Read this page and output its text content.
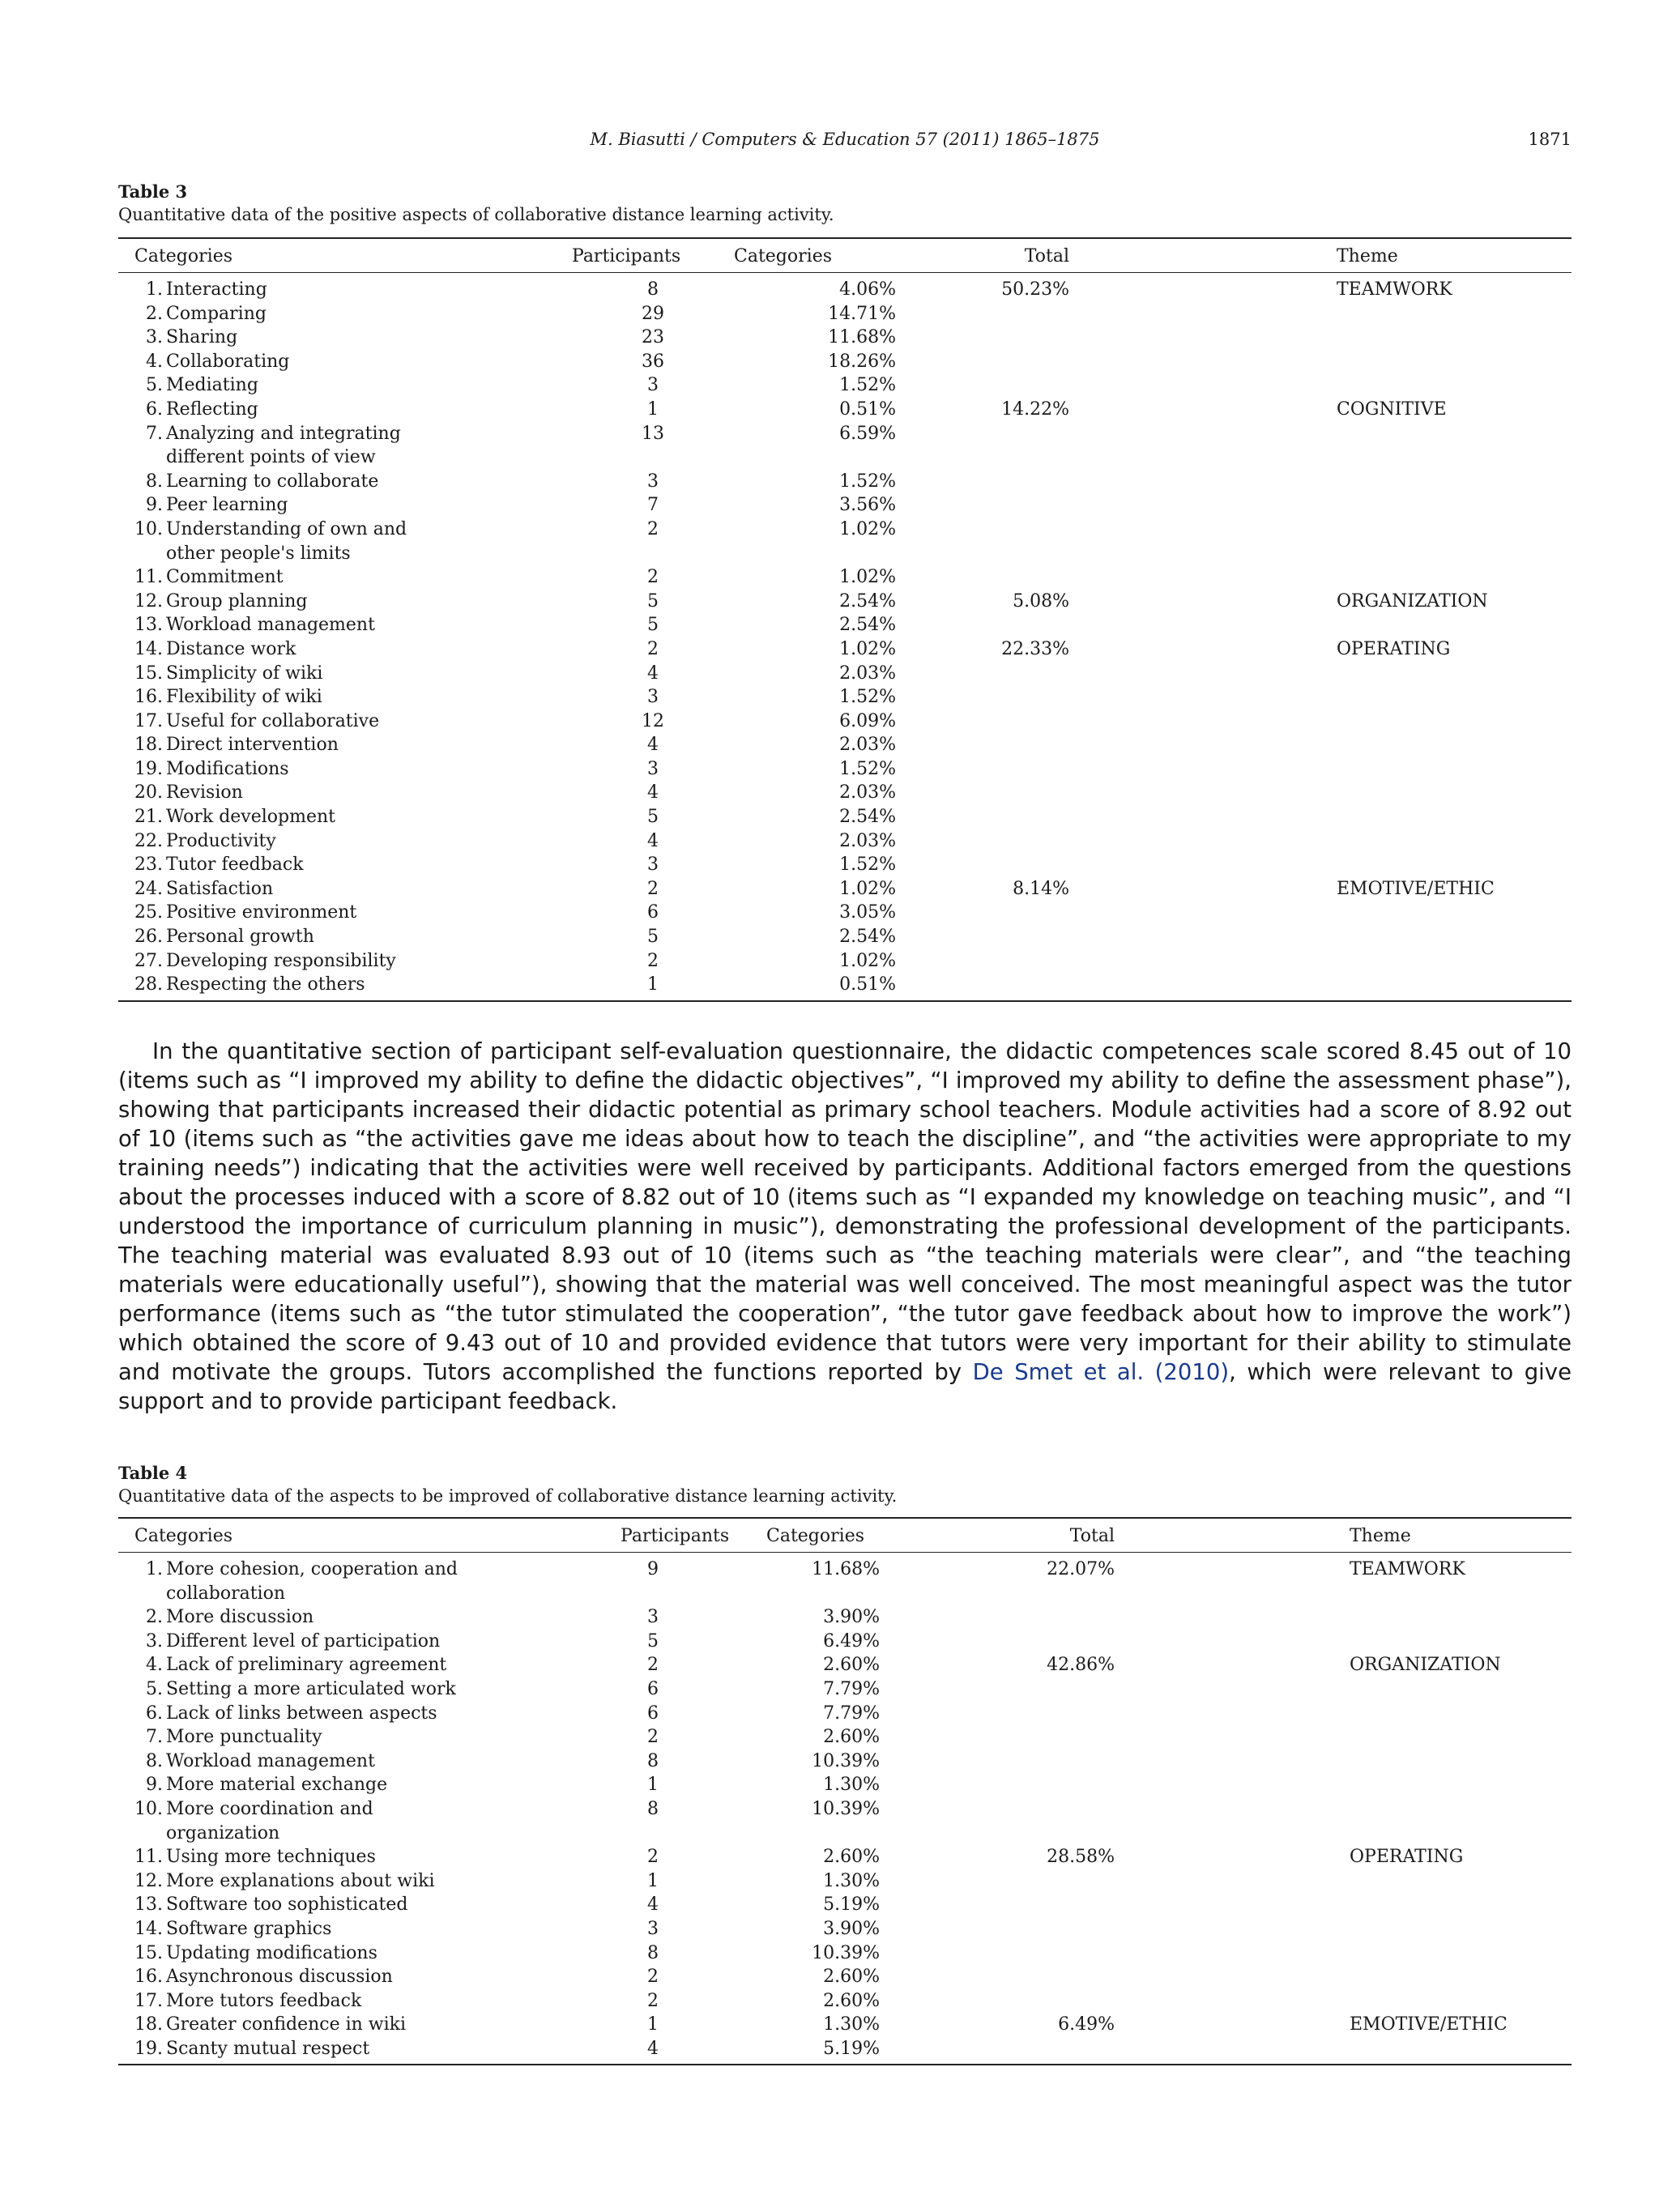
M. Biasutti / Computers & Education 57 (2011) 1865–1875	1871
Table 3
Quantitative data of the positive aspects of collaborative distance learning activity.
Categories	Participants	Categories	Total	Theme
1. Interacting	8	4.06%	50.23%	TEAMWORK
2. Comparing	29	14.71%		
3. Sharing	23	11.68%		
4. Collaborating	36	18.26%		
5. Mediating	3	1.52%		
6. Reflecting	1	0.51%	14.22%	COGNITIVE
7. Analyzing and integrating different points of view	13	6.59%		
8. Learning to collaborate	3	1.52%		
9. Peer learning	7	3.56%		
10. Understanding of own and other people's limits	2	1.02%		
11. Commitment	2	1.02%		
12. Group planning	5	2.54%	5.08%	ORGANIZATION
13. Workload management	5	2.54%		
14. Distance work	2	1.02%	22.33%	OPERATING
15. Simplicity of wiki	4	2.03%		
16. Flexibility of wiki	3	1.52%		
17. Useful for collaborative	12	6.09%		
18. Direct intervention	4	2.03%		
19. Modifications	3	1.52%		
20. Revision	4	2.03%		
21. Work development	5	2.54%		
22. Productivity	4	2.03%		
23. Tutor feedback	3	1.52%		
24. Satisfaction	2	1.02%	8.14%	EMOTIVE/ETHIC
25. Positive environment	6	3.05%		
26. Personal growth	5	2.54%		
27. Developing responsibility	2	1.02%		
28. Respecting the others	1	0.51%		

In the quantitative section of participant self-evaluation questionnaire, the didactic competences scale scored 8.45 out of 10 (items such as “I improved my ability to define the didactic objectives”, “I improved my ability to define the assessment phase”), showing that participants increased their didactic potential as primary school teachers. Module activities had a score of 8.92 out of 10 (items such as “the activities gave me ideas about how to teach the discipline”, and “the activities were appropriate to my training needs”) indicating that the activities were well received by participants. Additional factors emerged from the questions about the processes induced with a score of 8.82 out of 10 (items such as “I expanded my knowledge on teaching music”, and “I understood the importance of curriculum planning in music”), demonstrating the professional development of the participants. The teaching material was evaluated 8.93 out of 10 (items such as “the teaching materials were clear”, and “the teaching materials were educationally useful”), showing that the material was well conceived. The most meaningful aspect was the tutor performance (items such as “the tutor stimulated the cooperation”, “the tutor gave feedback about how to improve the work”) which obtained the score of 9.43 out of 10 and provided evidence that tutors were very important for their ability to stimulate and motivate the groups. Tutors accomplished the functions reported by De Smet et al. (2010), which were relevant to give support and to provide participant feedback.

Table 4
Quantitative data of the aspects to be improved of collaborative distance learning activity.
Categories	Participants	Categories	Total	Theme
1. More cohesion, cooperation and collaboration	9	11.68%	22.07%	TEAMWORK
2. More discussion	3	3.90%		
3. Different level of participation	5	6.49%		
4. Lack of preliminary agreement	2	2.60%	42.86%	ORGANIZATION
5. Setting a more articulated work	6	7.79%		
6. Lack of links between aspects	6	7.79%		
7. More punctuality	2	2.60%		
8. Workload management	8	10.39%		
9. More material exchange	1	1.30%		
10. More coordination and organization	8	10.39%		
11. Using more techniques	2	2.60%	28.58%	OPERATING
12. More explanations about wiki	1	1.30%		
13. Software too sophisticated	4	5.19%		
14. Software graphics	3	3.90%		
15. Updating modifications	8	10.39%		
16. Asynchronous discussion	2	2.60%		
17. More tutors feedback	2	2.60%		
18. Greater confidence in wiki	1	1.30%	6.49%	EMOTIVE/ETHIC
19. Scanty mutual respect	4	5.19%		
